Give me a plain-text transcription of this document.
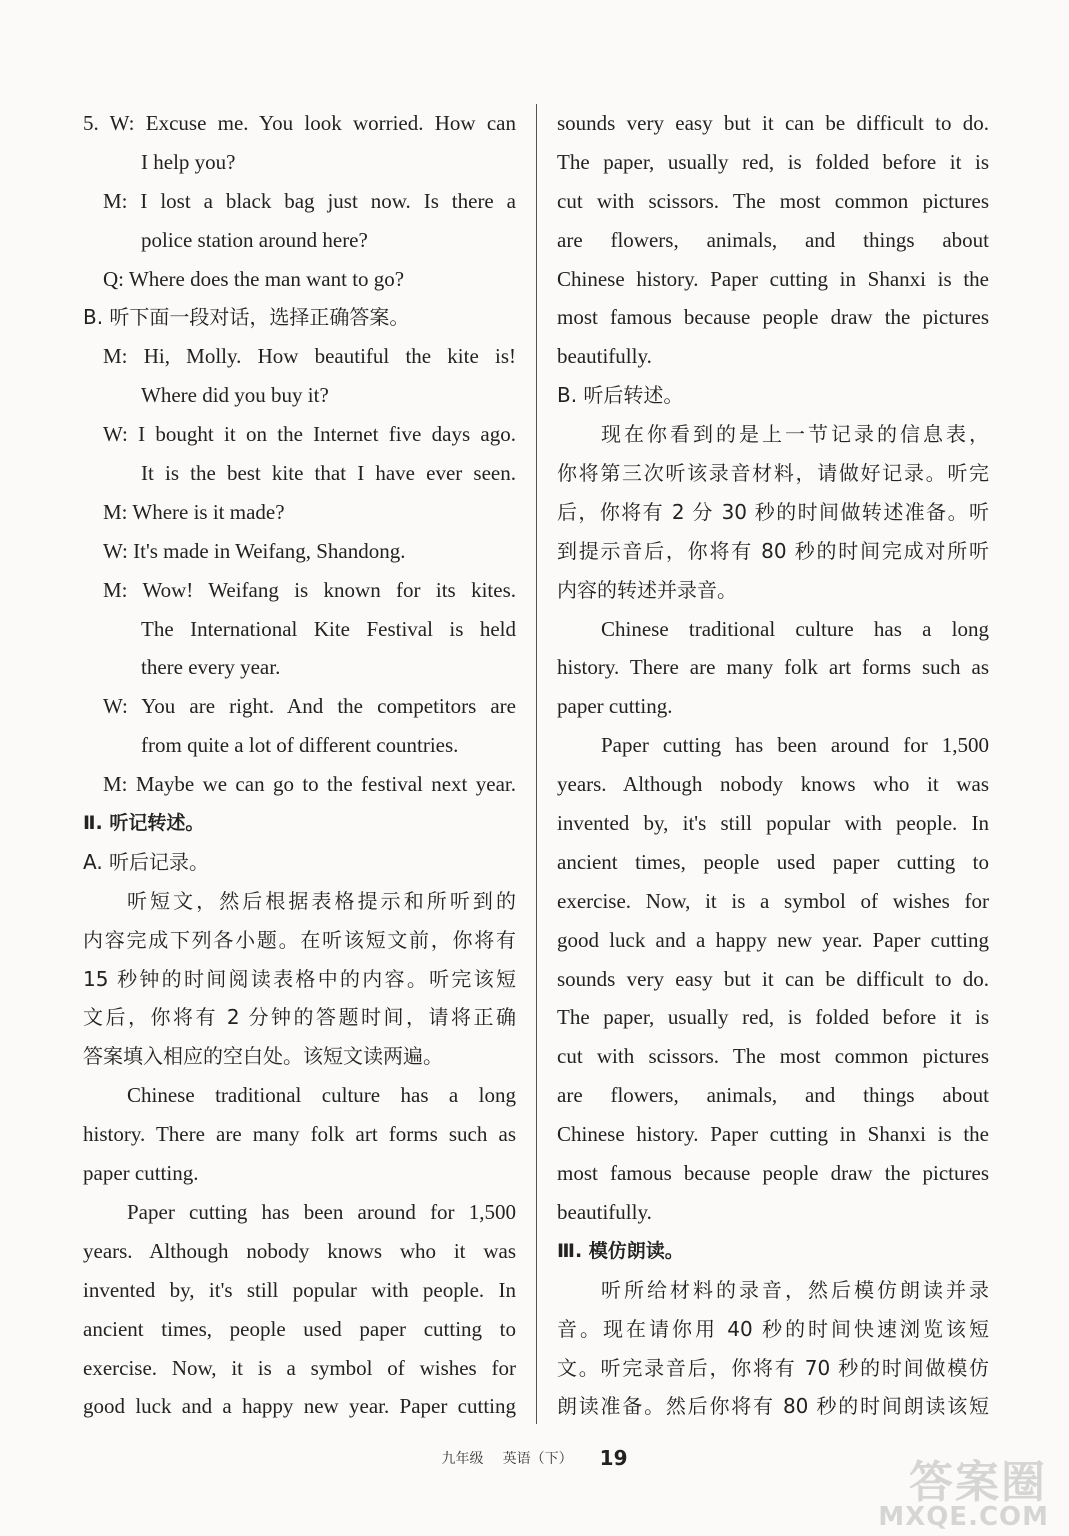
5. W: Excuse me. You look worried. How can
I help you?
M: I lost a black bag just now. Is there a
police station around here?
Q: Where does the man want to go?
B. 听下面一段对话，选择正确答案。
M: Hi, Molly. How beautiful the kite is!
Where did you buy it?
W: I bought it on the Internet five days ago.
It is the best kite that I have ever seen.
M: Where is it made?
W: It's made in Weifang, Shandong.
M: Wow! Weifang is known for its kites.
The International Kite Festival is held
there every year.
W: You are right. And the competitors are
from quite a lot of different countries.
M: Maybe we can go to the festival next year.
Ⅱ. 听记转述。
A. 听后记录。
听短文，然后根据表格提示和所听到的
内容完成下列各小题。在听该短文前，你将有
15 秒钟的时间阅读表格中的内容。听完该短
文后，你将有 2 分钟的答题时间，请将正确
答案填入相应的空白处。该短文读两遍。
Chinese traditional culture has a long
history. There are many folk art forms such as
paper cutting.
Paper cutting has been around for 1,500
years. Although nobody knows who it was
invented by, it's still popular with people. In
ancient times, people used paper cutting to
exercise. Now, it is a symbol of wishes for
good luck and a happy new year. Paper cutting
sounds very easy but it can be difficult to do.
The paper, usually red, is folded before it is
cut with scissors. The most common pictures
are flowers, animals, and things about
Chinese history. Paper cutting in Shanxi is the
most famous because people draw the pictures
beautifully.
B. 听后转述。
现在你看到的是上一节记录的信息表，
你将第三次听该录音材料，请做好记录。听完
后，你将有 2 分 30 秒的时间做转述准备。听
到提示音后，你将有 80 秒的时间完成对所听
内容的转述并录音。
Chinese traditional culture has a long
history. There are many folk art forms such as
paper cutting.
Paper cutting has been around for 1,500
years. Although nobody knows who it was
invented by, it's still popular with people. In
ancient times, people used paper cutting to
exercise. Now, it is a symbol of wishes for
good luck and a happy new year. Paper cutting
sounds very easy but it can be difficult to do.
The paper, usually red, is folded before it is
cut with scissors. The most common pictures
are flowers, animals, and things about
Chinese history. Paper cutting in Shanxi is the
most famous because people draw the pictures
beautifully.
Ⅲ. 模仿朗读。
听所给材料的录音，然后模仿朗读并录
音。现在请你用 40 秒的时间快速浏览该短
文。听完录音后，你将有 70 秒的时间做模仿
朗读准备。然后你将有 80 秒的时间朗读该短
九年级 英语（下） 19	答案圈
MXQE.COM
